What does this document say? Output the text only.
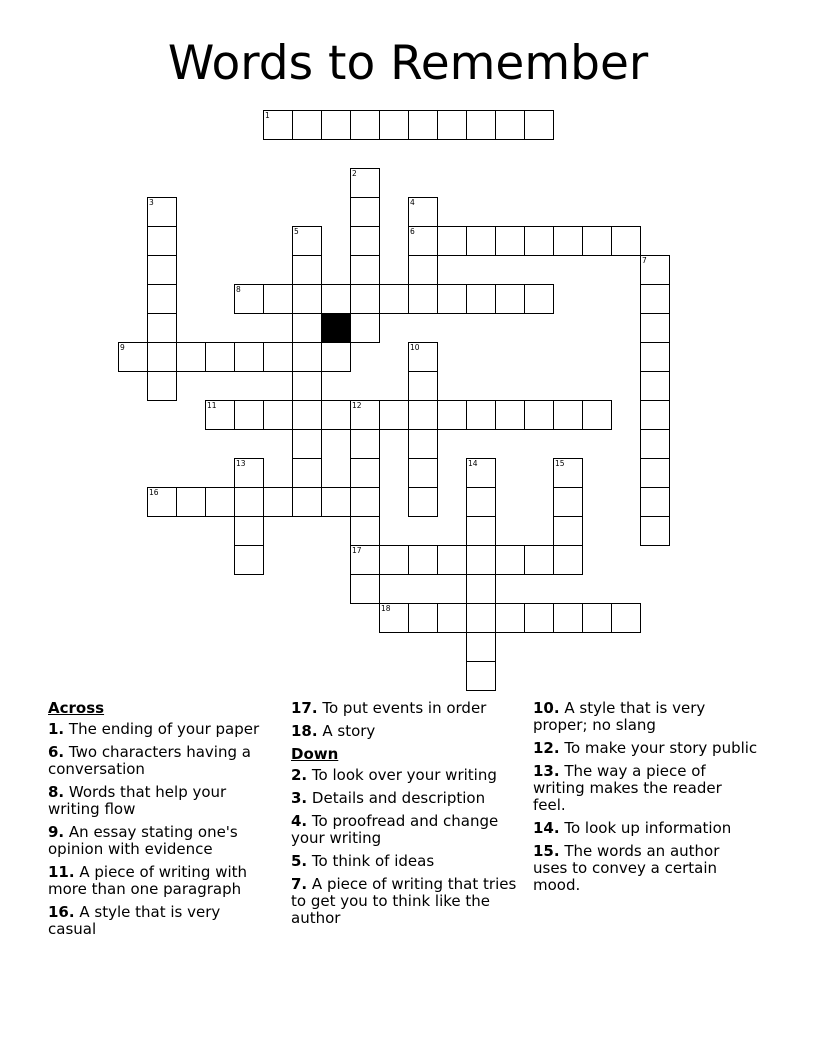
Words to Remember
1
2
3	4
6
5
7
8
9	10
11	12
17
13	14	15
16
18
Across
1. The ending of your paper
6. Two characters having a conversation
8. Words that help your writing flow
9. An essay stating one's opinion with evidence
11. A piece of writing with more than one paragraph
16. A style that is very casual
17. To put events in order
18. A story
Down
2. To look over your writing
3. Details and description
4. To proofread and change your writing
5. To think of ideas
7. A piece of writing that tries to get you to think like the author
10. A style that is very proper; no slang
12. To make your story public
13. The way a piece of writing makes the reader feel.
14. To look up information
15. The words an author uses to convey a certain mood.
